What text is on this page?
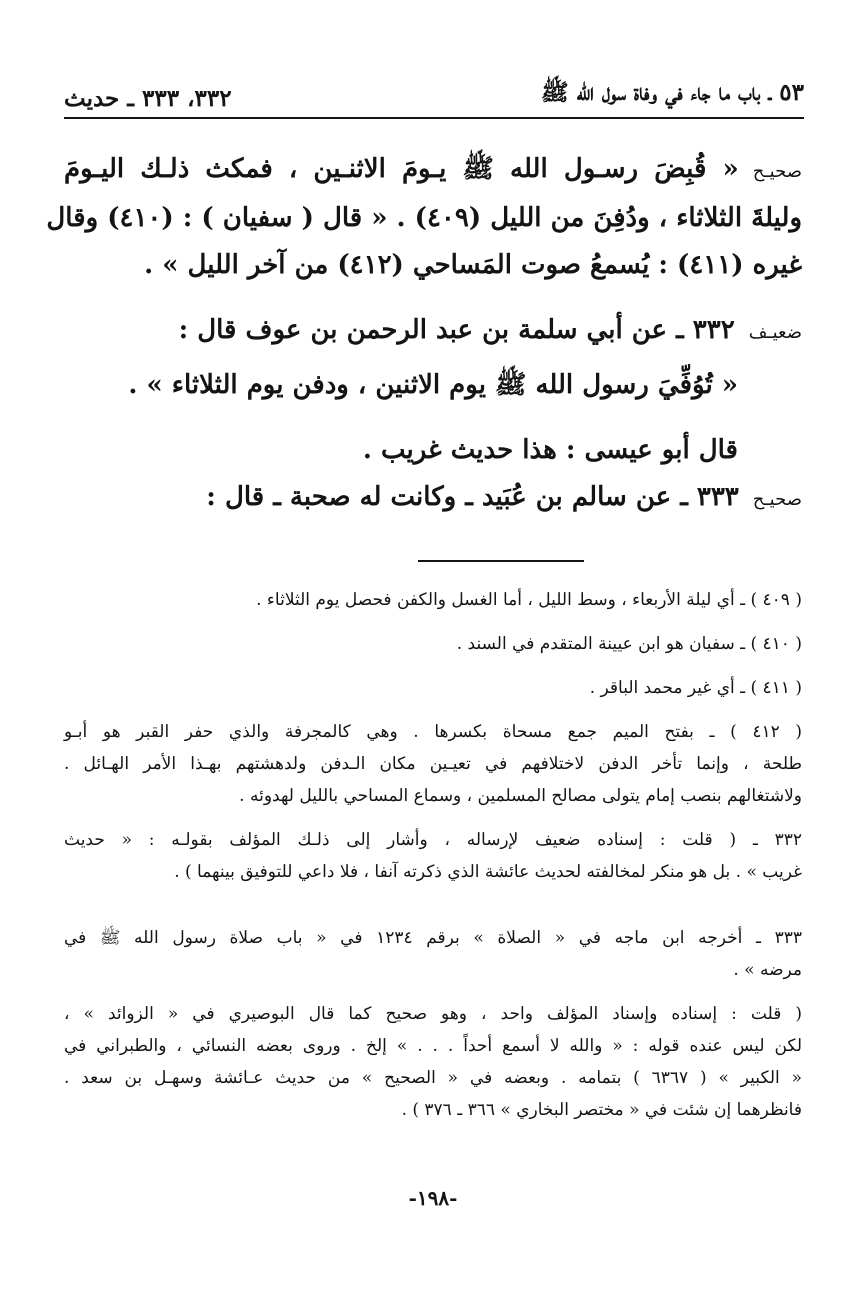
٥٣ ـ باب ما جاء في وفاة سول الله ﷺ
٣٣٢، ٣٣٣ ـ حديث
صحيـح« قُبِضَ رسـول الله ﷺ يـومَ الاثنـين ، فمكث ذلـك اليـومَ
وليلةَ الثلاثاء ، ودُفِنَ من الليل (٤٠٩) . « قال ( سفيان ) : (٤١٠) وقال
غيره (٤١١) : يُسمعُ صوت المَساحي (٤١٢) من آخر الليل » .
ضعيـف٣٣٢ ـ عن أبي سلمة بن عبد الرحمن بن عوف قال :
« تُوُفِّيَ رسول الله ﷺ يوم الاثنين ، ودفن يوم الثلاثاء » .
قال أبو عيسى : هذا حديث غريب .
صحيـح٣٣٣ ـ عن سالم بن عُبَيد ـ وكانت له صحبة ـ قال :
( ٤٠٩ ) ـ أي ليلة الأربعاء ، وسط الليل ، أما الغسل والكفن فحصل يوم الثلاثاء .
( ٤١٠ ) ـ سفيان هو ابن عيينة المتقدم في السند .
( ٤١١ ) ـ أي غير محمد الباقر .
( ٤١٢ ) ـ بفتح الميم جمع مسحاة بكسرها . وهي كالمجرفة والذي حفر القبر هو أبـو
طلحة ، وإنما تأخر الدفن لاختلافهم في تعيـين مكان الـدفن ولدهشتهم بهـذا الأمر الهـائل .
ولاشتغالهم بنصب إمام يتولى مصالح المسلمين ، وسماع المساحي بالليل لهدوئه .
٣٣٢ ـ ( قلت : إسناده ضعيف لإرساله ، وأشار إلى ذلـك المؤلف بقولـه : « حديث
غريب » . بل هو منكر لمخالفته لحديث عائشة الذي ذكرته آنفا ، فلا داعي للتوفيق بينهما ) .
٣٣٣ ـ أخرجه ابن ماجه في « الصلاة » برقم ١٢٣٤ في « باب صلاة رسول الله ﷺ في
مرضه » .
( قلت : إسناده وإسناد المؤلف واحد ، وهو صحيح كما قال البوصيري في « الزوائد » ،
لكن ليس عنده قوله : « والله لا أسمع أحداً . . . » إلخ . وروى بعضه النسائي ، والطبراني في
« الكبير » ( ٦٣٦٧ ) بتمامه . وبعضه في « الصحيح » من حديث عـائشة وسهـل بن سعد .
فانظرهما إن شئت في « مختصر البخاري » ٣٦٦ ـ ٣٧٦ ) .
-١٩٨-
